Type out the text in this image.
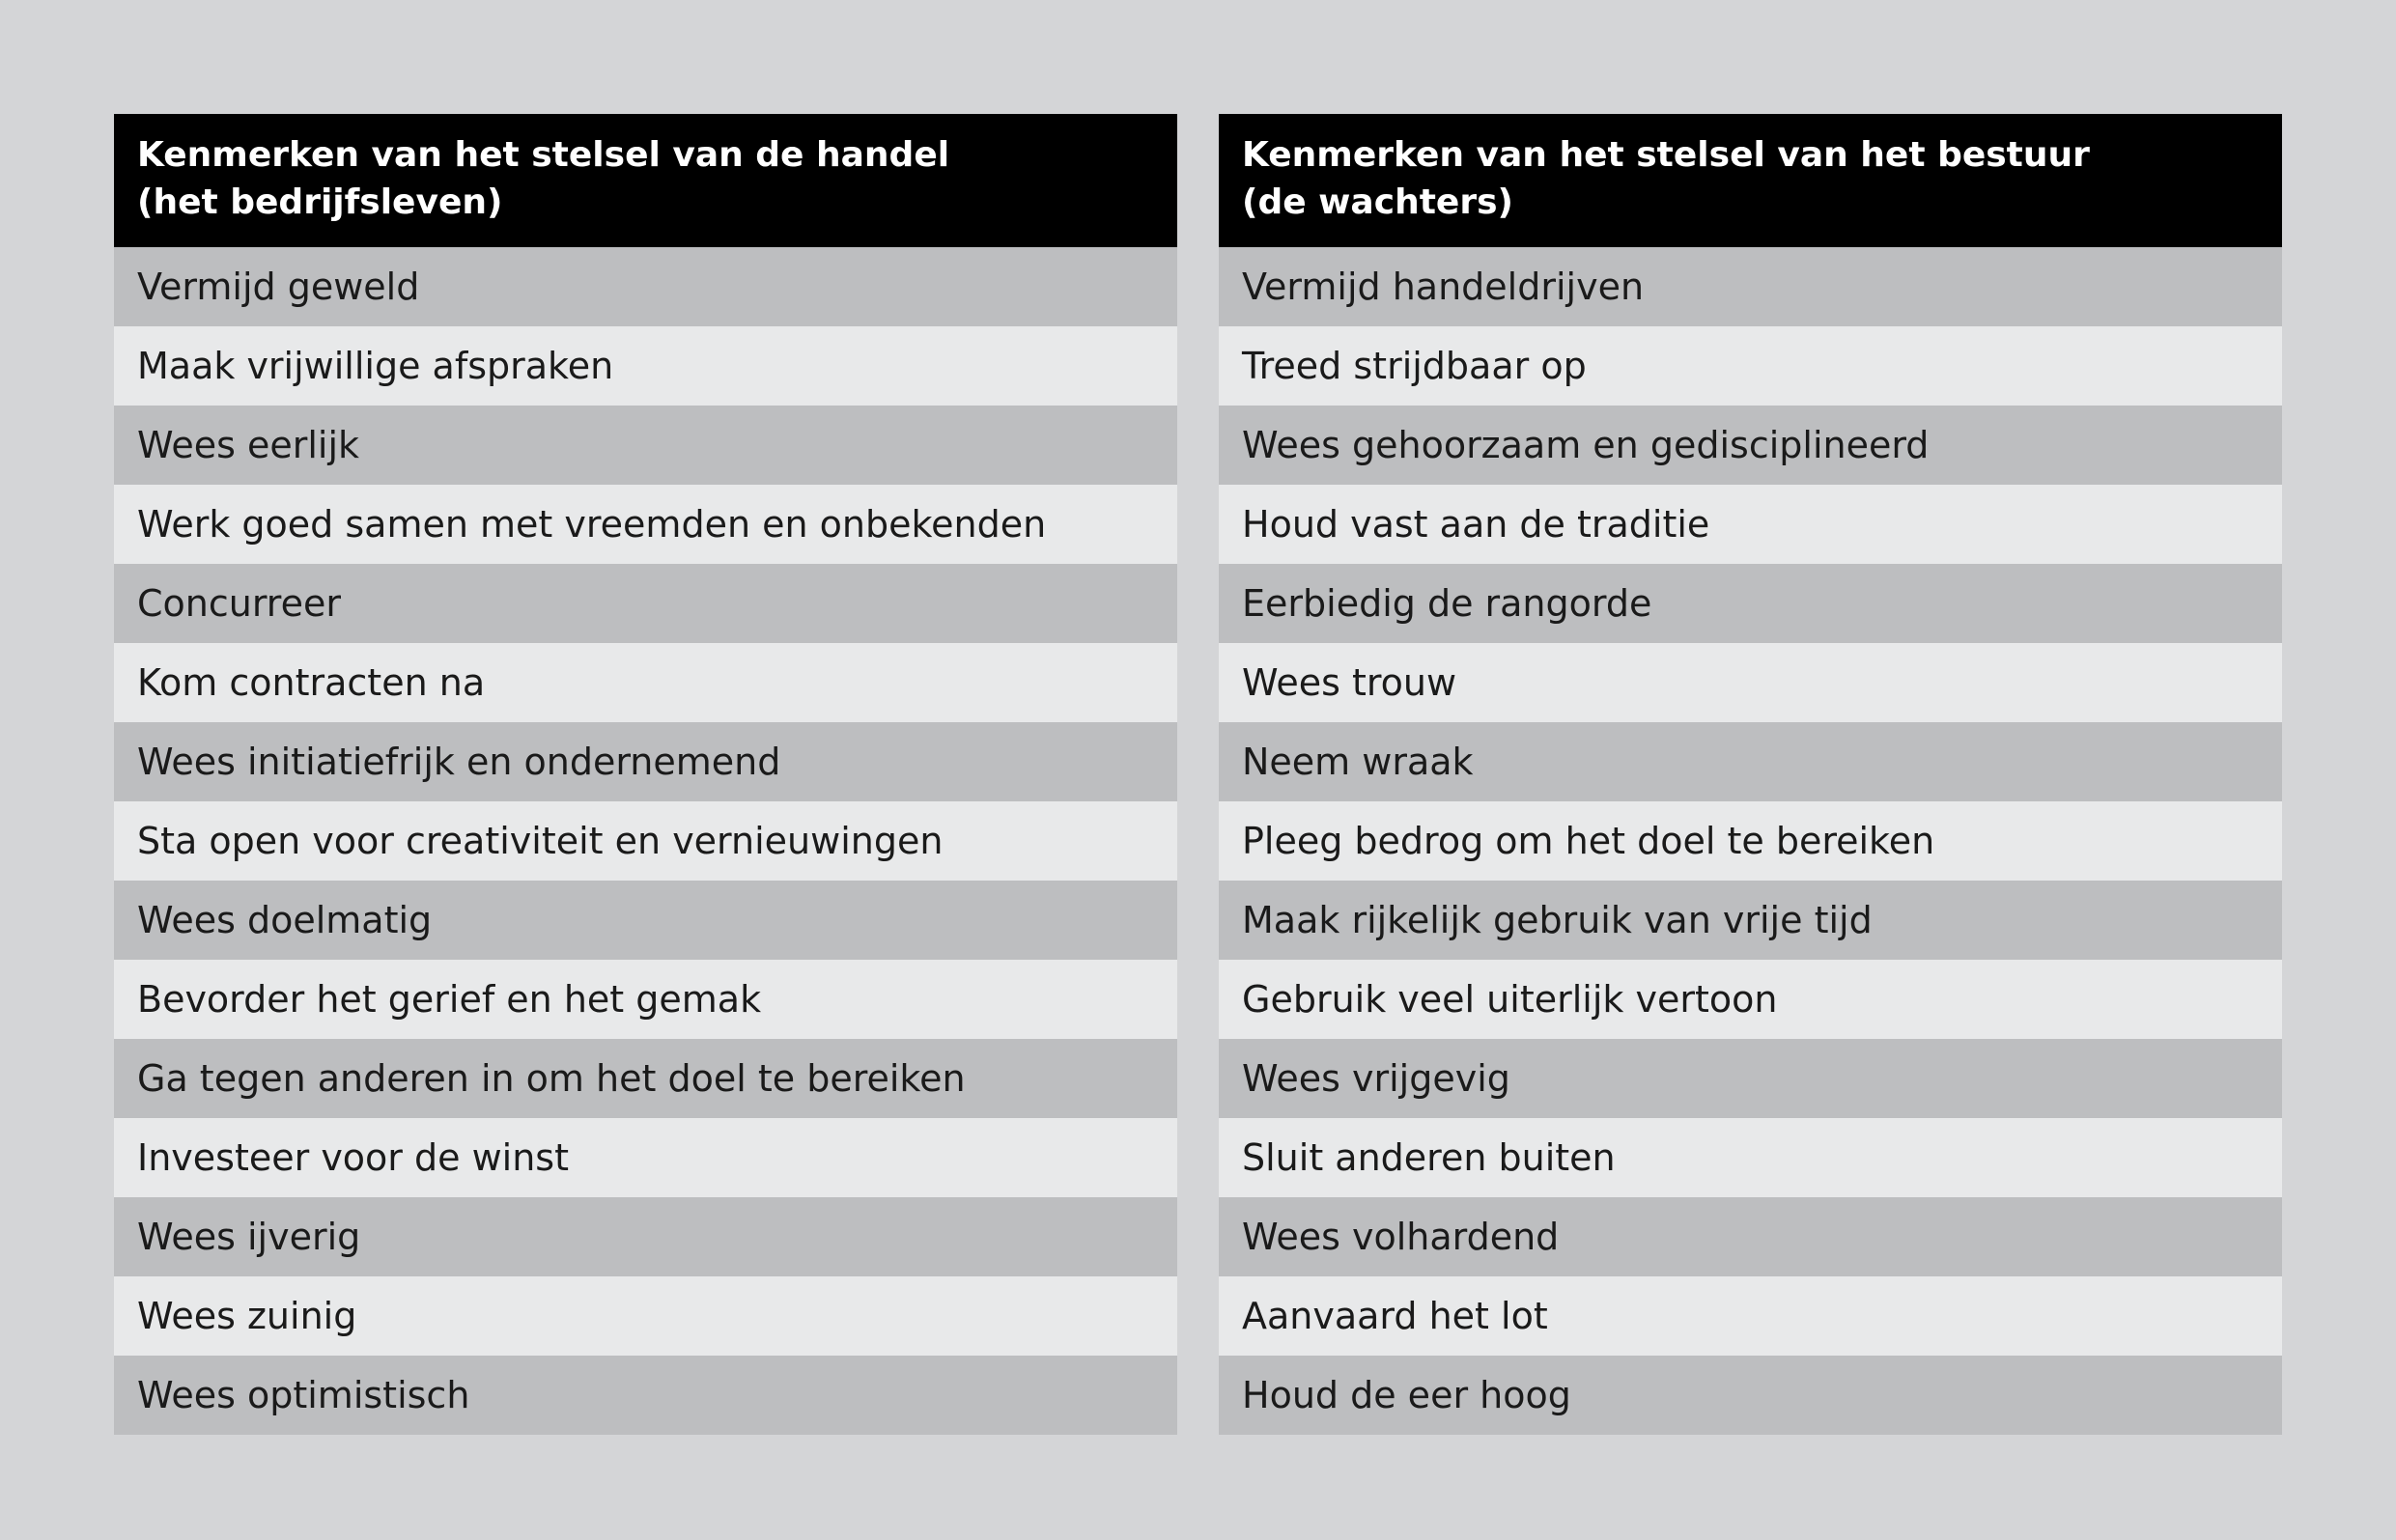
Kenmerken van het stelsel van de handel
(het bedrijfsleven)
Vermijd geweld
Maak vrijwillige afspraken
Wees eerlijk
Werk goed samen met vreemden en onbekenden
Concurreer
Kom contracten na
Wees initiatiefrijk en ondernemend
Sta open voor creativiteit en vernieuwingen
Wees doelmatig
Bevorder het gerief en het gemak
Ga tegen anderen in om het doel te bereiken
Investeer voor de winst
Wees ijverig
Wees zuinig
Wees optimistisch
Kenmerken van het stelsel van het bestuur
(de wachters)
Vermijd handeldrijven
Treed strijdbaar op
Wees gehoorzaam en gedisciplineerd
Houd vast aan de traditie
Eerbiedig de rangorde
Wees trouw
Neem wraak
Pleeg bedrog om het doel te bereiken
Maak rijkelijk gebruik van vrije tijd
Gebruik veel uiterlijk vertoon
Wees vrijgevig
Sluit anderen buiten
Wees volhardend
Aanvaard het lot
Houd de eer hoog
